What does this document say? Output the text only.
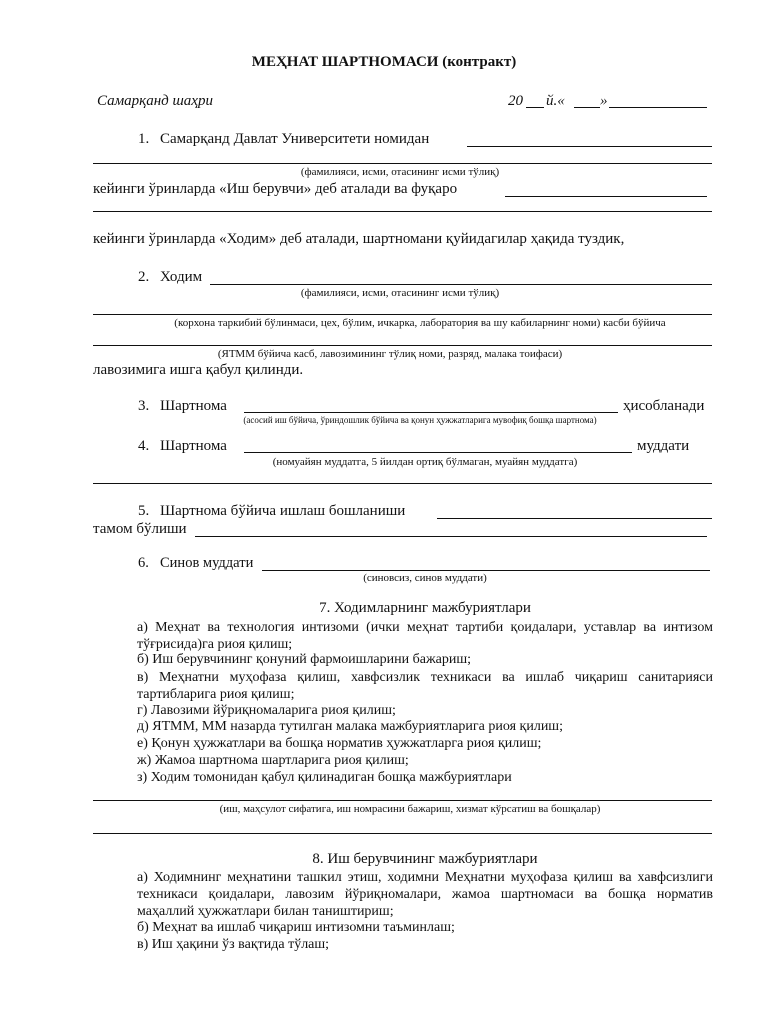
МЕҲНАТ ШАРТНОМАСИ (контракт)
Самарқанд шаҳри	20 й.« »
1. Самарқанд Давлат Университети номидан
(фамилияси, исми, отасининг исми тўлиқ)
кейинги ўринларда «Иш берувчи» деб аталади ва фуқаро
кейинги ўринларда «Ходим» деб аталади, шартномани қуйидагилар ҳақида туздик,
2. Ходим
(фамилияси, исми, отасининг исми тўлиқ)
(корхона таркибий бўлинмаси, цех, бўлим, ичкарка, лаборатория ва шу кабиларнинг номи) касби бўйича
(ЯТММ бўйича касб, лавозимининг тўлиқ номи, разряд, малака тоифаси)
лавозимига ишга қабул қилинди.
3. Шартнома	ҳисобланади
(асосий иш бўйича, ўриндошлик бўйича ва қонун ҳужжатларига мувофиқ бошқа шартнома)
4. Шартнома	муддати
(номуайян муддатга, 5 йилдан ортиқ бўлмаган, муайян муддатга)
5. Шартнома бўйича ишлаш бошланиши
тамом бўлиши
6. Синов муддати
(синовсиз, синов муддати)
7. Ходимларнинг мажбуриятлари
а) Меҳнат ва технология интизоми (ички меҳнат тартиби қоидалари, уставлар ва интизом тўғрисида)га риоя қилиш;
б) Иш берувчининг қонуний фармоишларини бажариш;
в) Меҳнатни муҳофаза қилиш, хавфсизлик техникаси ва ишлаб чиқариш санитарияси тартибларига риоя қилиш;
г) Лавозими йўриқномаларига риоя қилиш;
д) ЯТММ, ММ назарда тутилган малака мажбуриятларига риоя қилиш;
е) Қонун ҳужжатлари ва бошқа норматив ҳужжатларга риоя қилиш;
ж) Жамоа шартнома шартларига риоя қилиш;
з) Ходим томонидан қабул қилинадиган бошқа мажбуриятлари
(иш, маҳсулот сифатига, иш номрасини бажариш, хизмат кўрсатиш ва бошқалар)
8. Иш берувчининг мажбуриятлари
а) Ходимнинг меҳнатини ташкил этиш, ходимни Меҳнатни муҳофаза қилиш ва хавфсизлиги техникаси қоидалари, лавозим йўриқномалари, жамоа шартномаси ва бошқа норматив маҳаллий ҳужжатлари билан таништириш;
б) Меҳнат ва ишлаб чиқариш интизомни таъминлаш;
в) Иш ҳақини ўз вақтида тўлаш;
